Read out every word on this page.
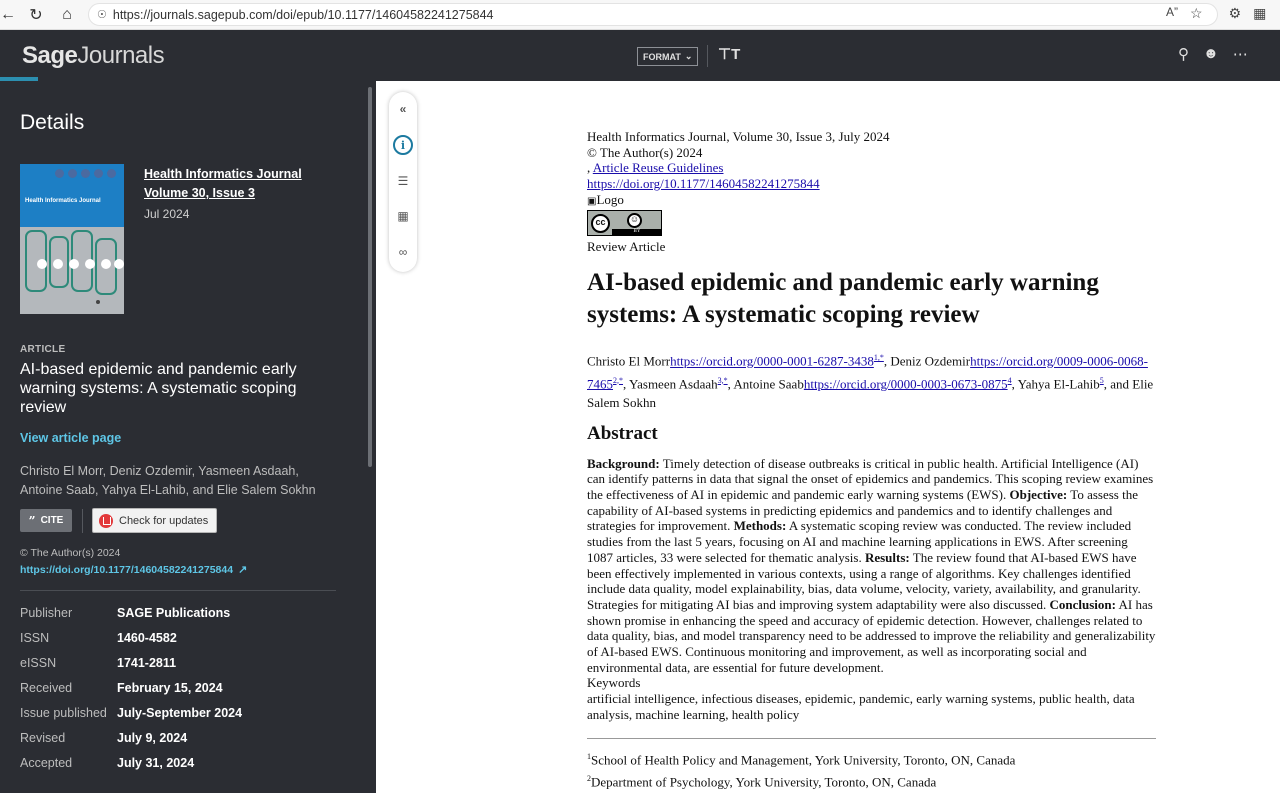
← ↻	⌂	☉ https://journals.sagepub.com/doi/epub/10.1177/14604582241275844	A” ☆ ⚙ ▦
SageJournals	FORMAT ⌄ ⊤T	⚲ ☻ ⋯
Details
Health Informatics Journal
Health Informatics Journal Volume 30, Issue 3
Jul 2024
ARTICLE
AI-based epidemic and pandemic early warning systems: A systematic scoping review
View article page
Christo El Morr, Deniz Ozdemir, Yasmeen Asdaah, Antoine Saab, Yahya El-Lahib, and Elie Salem Sokhn
” CITE	Check for updates
© The Author(s) 2024
https://doi.org/10.1177/14604582241275844 ↗
Publisher	SAGE Publications
ISSN	1460-4582
eISSN	1741-2811
Received	February 15, 2024
Issue published July-September 2024
Revised	July 9, 2024
Accepted	July 31, 2024
«
i
☰
▦
∞
Health Informatics Journal, Volume 30, Issue 3, July 2024
© The Author(s) 2024
, Article Reuse Guidelines
https://doi.org/10.1177/14604582241275844
▣Logo
cc	☺
BY
Review Article
AI-based epidemic and pandemic early warning systems: A systematic scoping review
Christo El $Morrhttps://orcid.org/0000-0001-6287-3438^{1,*}$, Deniz $Ozdemirhttps://orcid.org/0009-0006-0068-7465^{2,*}$, Yasmeen Asdaah$^{3,*}$, Antoine Saabhttps://orcid.org/0000-0003-0673-0875$^4$, Yahya El-Lahib$^5$, and Elie Salem Sokhn
Abstract

Background: Timely detection of disease outbreaks is critical in public health. Artificial Intelligence (AI) can identify patterns in data that signal the onset of epidemics and pandemics. This scoping review examines the effectiveness of AI in epidemic and pandemic early warning systems (EWS). Objective: To assess the capability of AI-based systems in predicting epidemics and pandemics and to identify challenges and strategies for improvement. Methods: A systematic scoping review was conducted. The review included studies from the last 5 years, focusing on AI and machine learning applications in EWS. After screening 1087 articles, 33 were selected for thematic analysis. Results: The review found that AI-based EWS have been effectively implemented in various contexts, using a range of algorithms. Key challenges identified include data quality, model explainability, bias, data volume, velocity, variety, availability, and granularity. Strategies for mitigating AI bias and improving system adaptability were also discussed. Conclusion: AI has shown promise in enhancing the speed and accuracy of epidemic detection. However, challenges related to data quality, bias, and model transparency need to be addressed to improve the reliability and generalizability of AI-based EWS. Continuous monitoring and improvement, as well as incorporating social and environmental data, are essential for future development.

Keywords
artificial intelligence, infectious diseases, epidemic, pandemic, early warning systems, public health, data analysis, machine learning, health policy
$^1$School of Health Policy and Management, York University, Toronto, ON, Canada
$^2$Department of Psychology, York University, Toronto, ON, Canada
